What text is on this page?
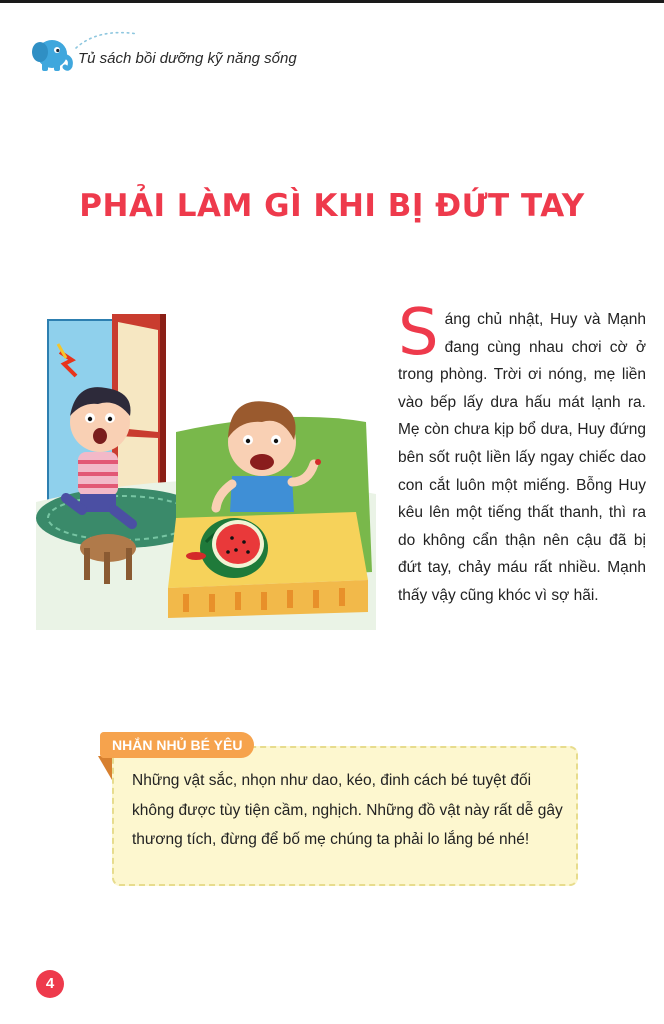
Tủ sách bồi dưỡng kỹ năng sống
PHẢI LÀM GÌ KHI BỊ ĐỨT TAY
Sáng chủ nhật, Huy và Mạnh đang cùng nhau chơi cờ ở trong phòng. Trời ơi nóng, mẹ liền vào bếp lấy dưa hấu mát lạnh ra. Mẹ còn chưa kịp bổ dưa, Huy đứng bên sốt ruột liền lấy ngay chiếc dao con cắt luôn một miếng. Bỗng Huy kêu lên một tiếng thất thanh, thì ra do không cẩn thận nên cậu đã bị đứt tay, chảy máu rất nhiều. Mạnh thấy vậy cũng khóc vì sợ hãi.
NHẮN NHỦ BÉ YÊU
Những vật sắc, nhọn như dao, kéo, đinh cách bé tuyệt đối không được tùy tiện cầm, nghịch. Những đồ vật này rất dễ gây thương tích, đừng để bố mẹ chúng ta phải lo lắng bé nhé!
4
